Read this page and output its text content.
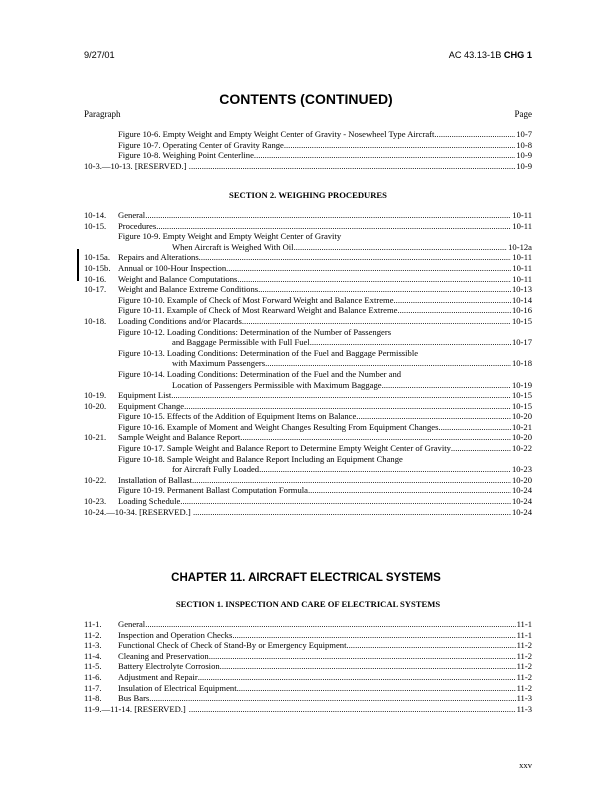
9/27/01	AC 43.13-1B CHG 1
CONTENTS (CONTINUED)
Paragraph	Page
Figure 10-6. Empty Weight and Empty Weight Center of Gravity - Nosewheel Type Aircraft .....	10-7
Figure 10-7. Operating Center of Gravity Range .....	10-8
Figure 10-8. Weighing Point Centerline .....	10-9
10-3.—10-13. [RESERVED.] .....	10-9
SECTION 2. WEIGHING PROCEDURES
10-14. General .....	10-11
10-15. Procedures .....	10-11
Figure 10-9. Empty Weight and Empty Weight Center of Gravity
When Aircraft is Weighed With Oil .....	10-12a
10-15a. Repairs and Alterations .....	10-11
10-15b. Annual or 100-Hour Inspection .....	10-11
10-16. Weight and Balance Computations .....	10-11
10-17. Weight and Balance Extreme Conditions .....	10-13
Figure 10-10. Example of Check of Most Forward Weight and Balance Extreme .....	10-14
Figure 10-11. Example of Check of Most Rearward Weight and Balance Extreme .....	10-16
10-18. Loading Conditions and/or Placards .....	10-15
Figure 10-12. Loading Conditions: Determination of the Number of Passengers
and Baggage Permissible with Full Fuel .....	10-17
Figure 10-13. Loading Conditions: Determination of the Fuel and Baggage Permissible
with Maximum Passengers .....	10-18
Figure 10-14. Loading Conditions: Determination of the Fuel and the Number and
Location of Passengers Permissible with Maximum Baggage .....	10-19
10-19. Equipment List .....	10-15
10-20. Equipment Change .....	10-15
Figure 10-15. Effects of the Addition of Equipment Items on Balance .....	10-20
Figure 10-16. Example of Moment and Weight Changes Resulting From Equipment Changes .....	10-21
10-21. Sample Weight and Balance Report .....	10-20
Figure 10-17. Sample Weight and Balance Report to Determine Empty Weight Center of Gravity .....	10-22
Figure 10-18. Sample Weight and Balance Report Including an Equipment Change
for Aircraft Fully Loaded .....	10-23
10-22. Installation of Ballast .....	10-20
Figure 10-19. Permanent Ballast Computation Formula .....	10-24
10-23. Loading Schedule .....	10-24
10-24.—10-34. [RESERVED.] .....	10-24
CHAPTER 11. AIRCRAFT ELECTRICAL SYSTEMS
SECTION 1. INSPECTION AND CARE OF ELECTRICAL SYSTEMS
11-1. General .....	11-1
11-2. Inspection and Operation Checks .....	11-1
11-3. Functional Check of Check of Stand-By or Emergency Equipment .....	11-2
11-4. Cleaning and Preservation .....	11-2
11-5. Battery Electrolyte Corrosion .....	11-2
11-6. Adjustment and Repair .....	11-2
11-7. Insulation of Electrical Equipment .....	11-2
11-8. Bus Bars .....	11-3
11-9.—11-14. [RESERVED.] .....	11-3
xxv
